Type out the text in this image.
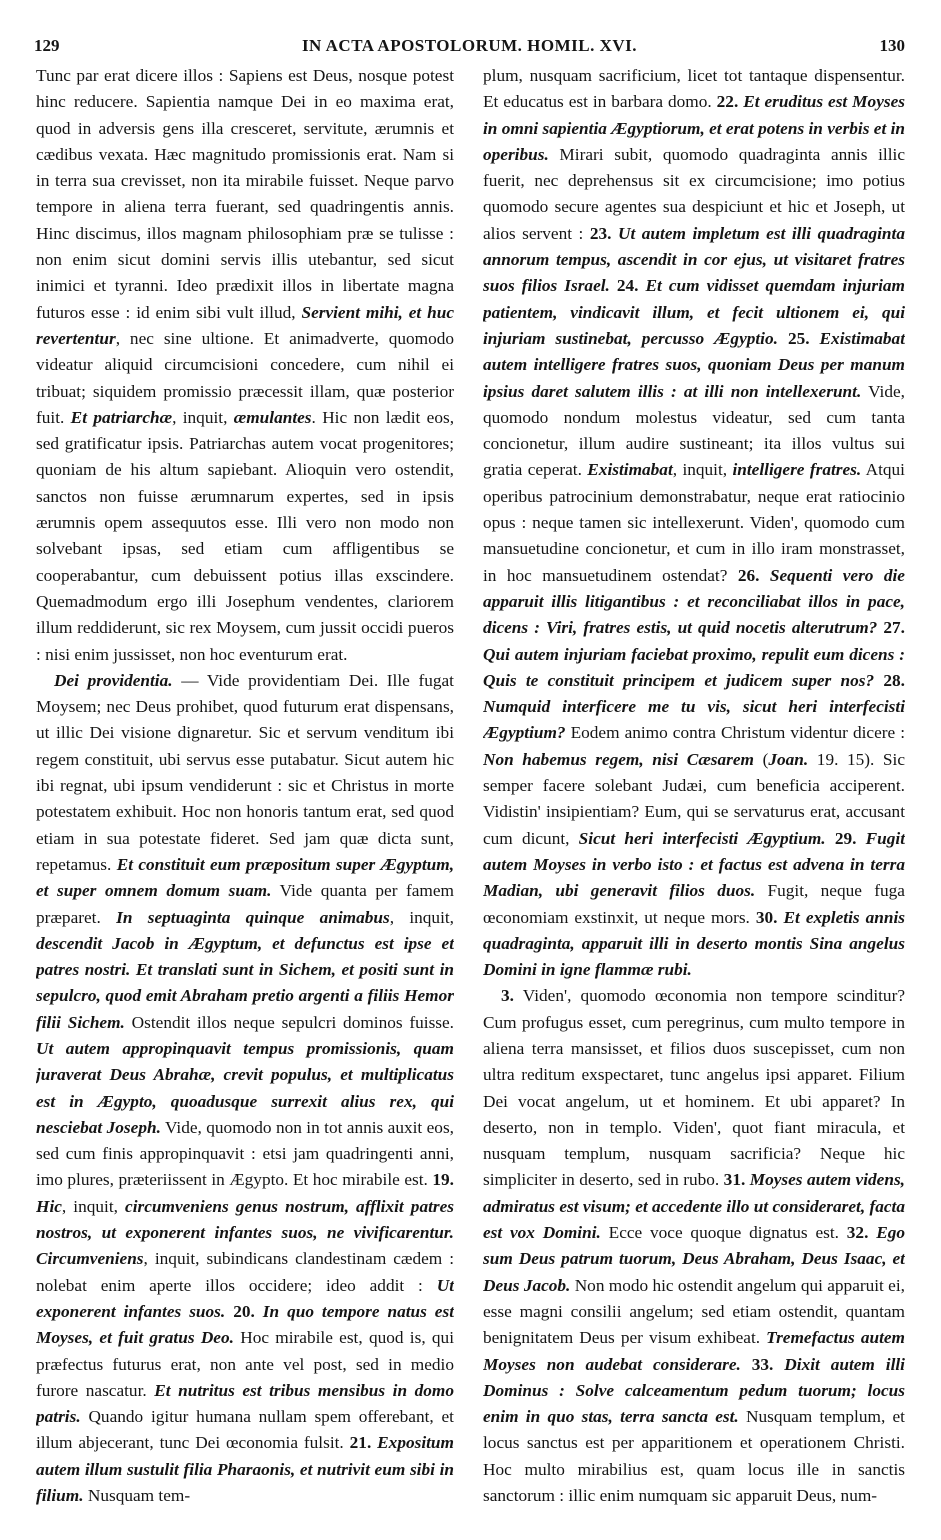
129	IN ACTA APOSTOLORUM. HOMIL. XVI.	130

Tunc par erat dicere illos : Sapiens est Deus, nosque potest hinc reducere. Sapientia namque Dei in eo maxima erat, quod in adversis gens illa cresceret, servitute, ærumnis et cædibus vexata. Hæc magnitudo promissionis erat. Nam si in terra sua crevisset, non ita mirabile fuisset. Neque parvo tempore in aliena terra fuerant, sed quadringentis annis. Hinc discimus, illos magnam philosophiam præ se tulisse : non enim sicut domini servis illis utebantur, sed sicut inimici et tyranni. Ideo prædixit illos in libertate magna futuros esse : id enim sibi vult illud, Servient mihi, et huc revertentur, nec sine ultione. Et animadverte, quomodo videatur aliquid circumcisioni concedere, cum nihil ei tribuat; siquidem promissio præcessit illam, quæ posterior fuit. Et patriarchæ, inquit, æmulantes. Hic non lædit eos, sed gratificatur ipsis. Patriarchas autem vocat progenitores; quoniam de his altum sapiebant. Alioquin vero ostendit, sanctos non fuisse ærumnarum expertes, sed in ipsis ærumnis opem assequutos esse. Illi vero non modo non solvebant ipsas, sed etiam cum affligentibus se cooperabantur, cum debuissent potius illas exscindere. Quemadmodum ergo illi Josephum vendentes, clariorem illum reddiderunt, sic rex Moysem, cum jussit occidi pueros : nisi enim jussisset, non hoc eventurum erat.

Dei providentia. — Vide providentiam Dei. Ille fugat Moysem; nec Deus prohibet, quod futurum erat dispensans, ut illic Dei visione dignaretur. Sic et servum venditum ibi regem constituit, ubi servus esse putabatur. Sicut autem hic ibi regnat, ubi ipsum vendiderunt : sic et Christus in morte potestatem exhibuit. Hoc non honoris tantum erat, sed quod etiam in sua potestate fideret. Sed jam quæ dicta sunt, repetamus. Et constituit eum præpositum super Ægyptum, et super omnem domum suam. Vide quanta per famem præparet. In septuaginta quinque animabus, inquit, descendit Jacob in Ægyptum, et defunctus est ipse et patres nostri. Et translati sunt in Sichem, et positi sunt in sepulcro, quod emit Abraham pretio argenti a filiis Hemor filii Sichem. Ostendit illos neque sepulcri dominos fuisse. Ut autem appropinquavit tempus promissionis, quam juraverat Deus Abrahæ, crevit populus, et multiplicatus est in Ægypto, quoadusque surrexit alius rex, qui nesciebat Joseph. Vide, quomodo non in tot annis auxit eos, sed cum finis appropinquavit : etsi jam quadringenti anni, imo plures, præteriissent in Ægypto. Et hoc mirabile est. 19. Hic, inquit, circumveniens genus nostrum, afflixit patres nostros, ut exponerent infantes suos, ne vivificarentur. Circumveniens, inquit, subindicans clandestinam cædem : nolebat enim aperte illos occidere; ideo addit : Ut exponerent infantes suos. 20. In quo tempore natus est Moyses, et fuit gratus Deo. Hoc mirabile est, quod is, qui præfectus futurus erat, non ante vel post, sed in medio furore nascatur. Et nutritus est tribus mensibus in domo patris. Quando igitur humana nullam spem offerebant, et illum abjecerant, tunc Dei œconomia fulsit. 21. Expositum autem illum sustulit filia Pharaonis, et nutrivit eum sibi in filium. Nusquam tem-

plum, nusquam sacrificium, licet tot tantaque dispensentur. Et educatus est in barbara domo. 22. Et eruditus est Moyses in omni sapientia Ægyptiorum, et erat potens in verbis et in operibus. Mirari subit, quomodo quadraginta annis illic fuerit, nec deprehensus sit ex circumcisione; imo potius quomodo secure agentes sua despiciunt et hic et Joseph, ut alios servent : 23. Ut autem impletum est illi quadraginta annorum tempus, ascendit in cor ejus, ut visitaret fratres suos filios Israel. 24. Et cum vidisset quemdam injuriam patientem, vindicavit illum, et fecit ultionem ei, qui injuriam sustinebat, percusso Ægyptio. 25. Existimabat autem intelligere fratres suos, quoniam Deus per manum ipsius daret salutem illis : at illi non intellexerunt. Vide, quomodo nondum molestus videatur, sed cum tanta concionetur, illum audire sustineant; ita illos vultus sui gratia ceperat. Existimabat, inquit, intelligere fratres. Atqui operibus patrocinium demonstrabatur, neque erat ratiocinio opus : neque tamen sic intellexerunt. Viden', quomodo cum mansuetudine concionetur, et cum in illo iram monstrasset, in hoc mansuetudinem ostendat? 26. Sequenti vero die apparuit illis litigantibus : et reconciliabat illos in pace, dicens : Viri, fratres estis, ut quid nocetis alterutrum? 27. Qui autem injuriam faciebat proximo, repulit eum dicens : Quis te constituit principem et judicem super nos? 28. Numquid interficere me tu vis, sicut heri interfecisti Ægyptium? Eodem animo contra Christum videntur dicere : Non habemus regem, nisi Cæsarem (Joan. 19. 15). Sic semper facere solebant Judæi, cum beneficia acciperent. Vidistin' insipientiam? Eum, qui se servaturus erat, accusant cum dicunt, Sicut heri interfecisti Ægyptium. 29. Fugit autem Moyses in verbo isto : et factus est advena in terra Madian, ubi generavit filios duos. Fugit, neque fuga œconomiam exstinxit, ut neque mors. 30. Et expletis annis quadraginta, apparuit illi in deserto montis Sina angelus Domini in igne flammæ rubi.

3. Viden', quomodo œconomia non tempore scinditur? Cum profugus esset, cum peregrinus, cum multo tempore in aliena terra mansisset, et filios duos suscepisset, cum non ultra reditum exspectaret, tunc angelus ipsi apparet. Filium Dei vocat angelum, ut et hominem. Et ubi apparet? In deserto, non in templo. Viden', quot fiant miracula, et nusquam templum, nusquam sacrificia? Neque hic simpliciter in deserto, sed in rubo. 31. Moyses autem videns, admiratus est visum; et accedente illo ut consideraret, facta est vox Domini. Ecce voce quoque dignatus est. 32. Ego sum Deus patrum tuorum, Deus Abraham, Deus Isaac, et Deus Jacob. Non modo hic ostendit angelum qui apparuit ei, esse magni consilii angelum; sed etiam ostendit, quantam benignitatem Deus per visum exhibeat. Tremefactus autem Moyses non audebat considerare. 33. Dixit autem illi Dominus : Solve calceamentum pedum tuorum; locus enim in quo stas, terra sancta est. Nusquam templum, et locus sanctus est per apparitionem et operationem Christi. Hoc multo mirabilius est, quam locus ille in sanctis sanctorum : illic enim numquam sic apparuit Deus, num-
